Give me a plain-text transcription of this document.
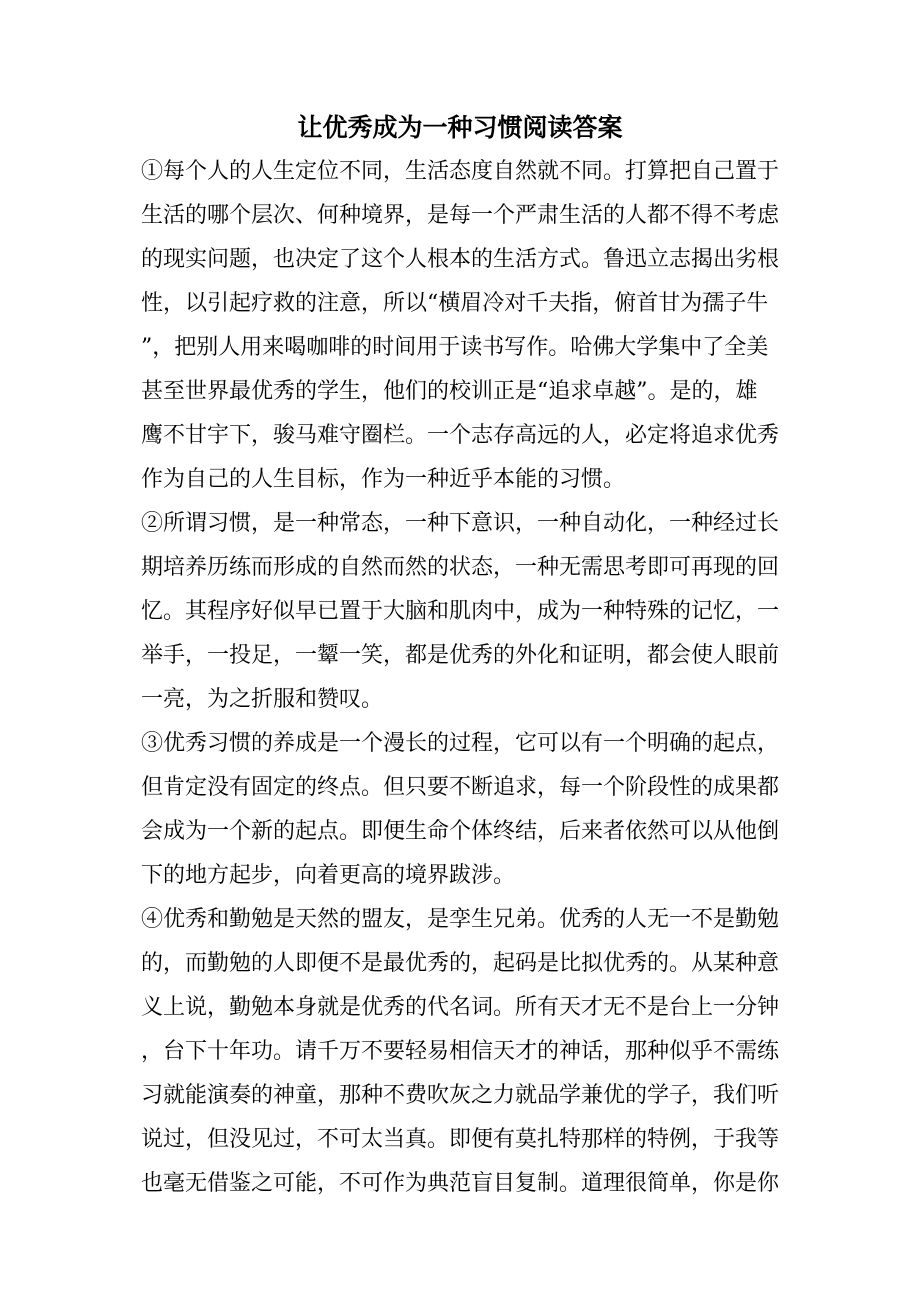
让优秀成为一种习惯阅读答案
①每个人的人生定位不同，生活态度自然就不同。打算把自己置于
生活的哪个层次、何种境界，是每一个严肃生活的人都不得不考虑
的现实问题，也决定了这个人根本的生活方式。鲁迅立志揭出劣根
性，以引起疗救的注意，所以“横眉冷对千夫指，俯首甘为孺子牛
”，把别人用来喝咖啡的时间用于读书写作。哈佛大学集中了全美
甚至世界最优秀的学生，他们的校训正是“追求卓越”。是的，雄
鹰不甘宇下，骏马难守圈栏。一个志存高远的人，必定将追求优秀
作为自己的人生目标，作为一种近乎本能的习惯。
②所谓习惯，是一种常态，一种下意识，一种自动化，一种经过长
期培养历练而形成的自然而然的状态，一种无需思考即可再现的回
忆。其程序好似早已置于大脑和肌肉中，成为一种特殊的记忆，一
举手，一投足，一颦一笑，都是优秀的外化和证明，都会使人眼前
一亮，为之折服和赞叹。
③优秀习惯的养成是一个漫长的过程，它可以有一个明确的起点，
但肯定没有固定的终点。但只要不断追求，每一个阶段性的成果都
会成为一个新的起点。即便生命个体终结，后来者依然可以从他倒
下的地方起步，向着更高的境界跋涉。
④优秀和勤勉是天然的盟友，是孪生兄弟。优秀的人无一不是勤勉
的，而勤勉的人即便不是最优秀的，起码是比拟优秀的。从某种意
义上说，勤勉本身就是优秀的代名词。所有天才无不是台上一分钟
，台下十年功。请千万不要轻易相信天才的神话，那种似乎不需练
习就能演奏的神童，那种不费吹灰之力就品学兼优的学子，我们听
说过，但没见过，不可太当真。即便有莫扎特那样的特例，于我等
也毫无借鉴之可能，不可作为典范盲目复制。道理很简单，你是你
